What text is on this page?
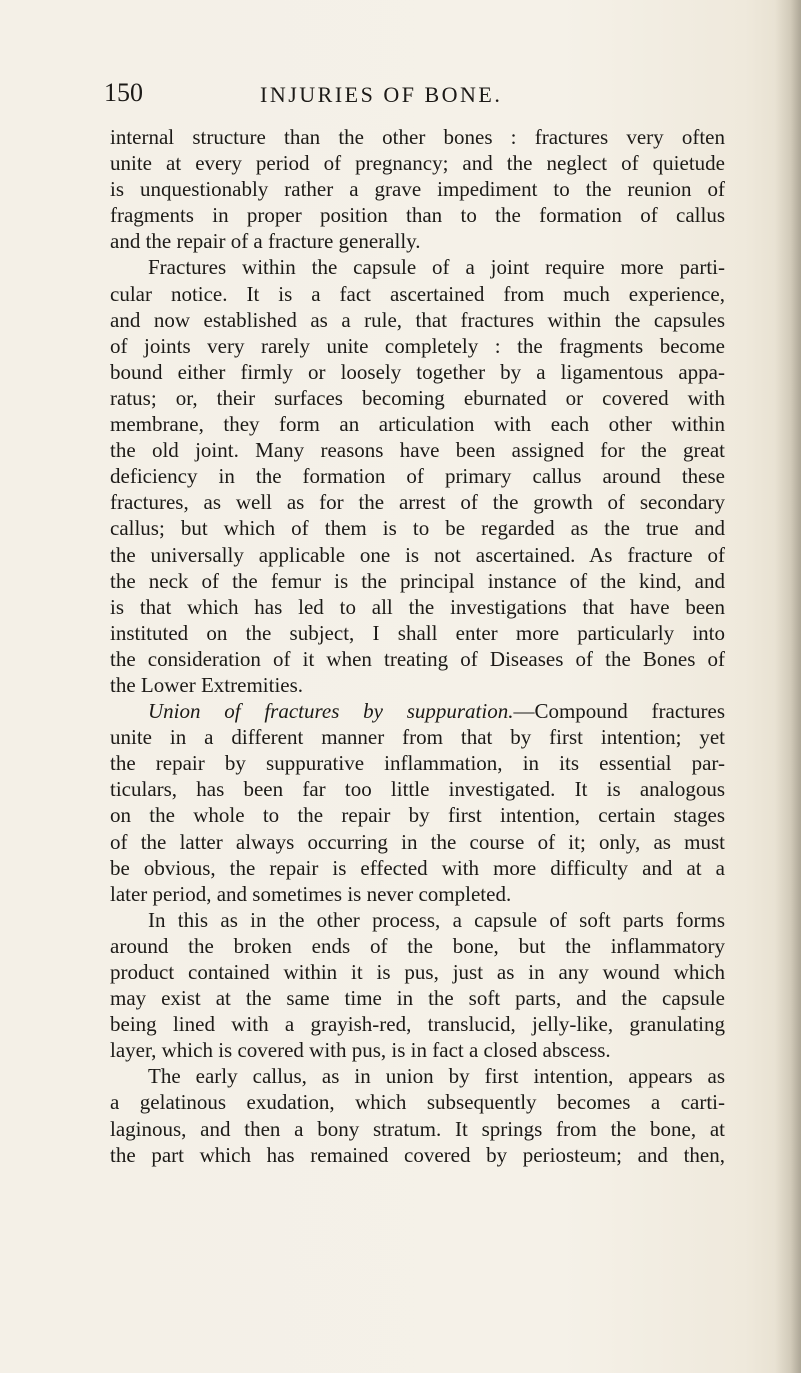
150	INJURIES OF BONE.
internal structure than the other bones : fractures very often
unite at every period of pregnancy; and the neglect of quietude
is unquestionably rather a grave impediment to the reunion of
fragments in proper position than to the formation of callus
and the repair of a fracture generally.
Fractures within the capsule of a joint require more parti-
cular notice. It is a fact ascertained from much experience,
and now established as a rule, that fractures within the capsules
of joints very rarely unite completely : the fragments become
bound either firmly or loosely together by a ligamentous appa-
ratus; or, their surfaces becoming eburnated or covered with
membrane, they form an articulation with each other within
the old joint. Many reasons have been assigned for the great
deficiency in the formation of primary callus around these
fractures, as well as for the arrest of the growth of secondary
callus; but which of them is to be regarded as the true and
the universally applicable one is not ascertained. As fracture of
the neck of the femur is the principal instance of the kind, and
is that which has led to all the investigations that have been
instituted on the subject, I shall enter more particularly into
the consideration of it when treating of Diseases of the Bones of
the Lower Extremities.
Union of fractures by suppuration.—Compound fractures
unite in a different manner from that by first intention; yet
the repair by suppurative inflammation, in its essential par-
ticulars, has been far too little investigated. It is analogous
on the whole to the repair by first intention, certain stages
of the latter always occurring in the course of it; only, as must
be obvious, the repair is effected with more difficulty and at a
later period, and sometimes is never completed.
In this as in the other process, a capsule of soft parts forms
around the broken ends of the bone, but the inflammatory
product contained within it is pus, just as in any wound which
may exist at the same time in the soft parts, and the capsule
being lined with a grayish-red, translucid, jelly-like, granulating
layer, which is covered with pus, is in fact a closed abscess.
The early callus, as in union by first intention, appears as
a gelatinous exudation, which subsequently becomes a carti-
laginous, and then a bony stratum. It springs from the bone, at
the part which has remained covered by periosteum; and then,
